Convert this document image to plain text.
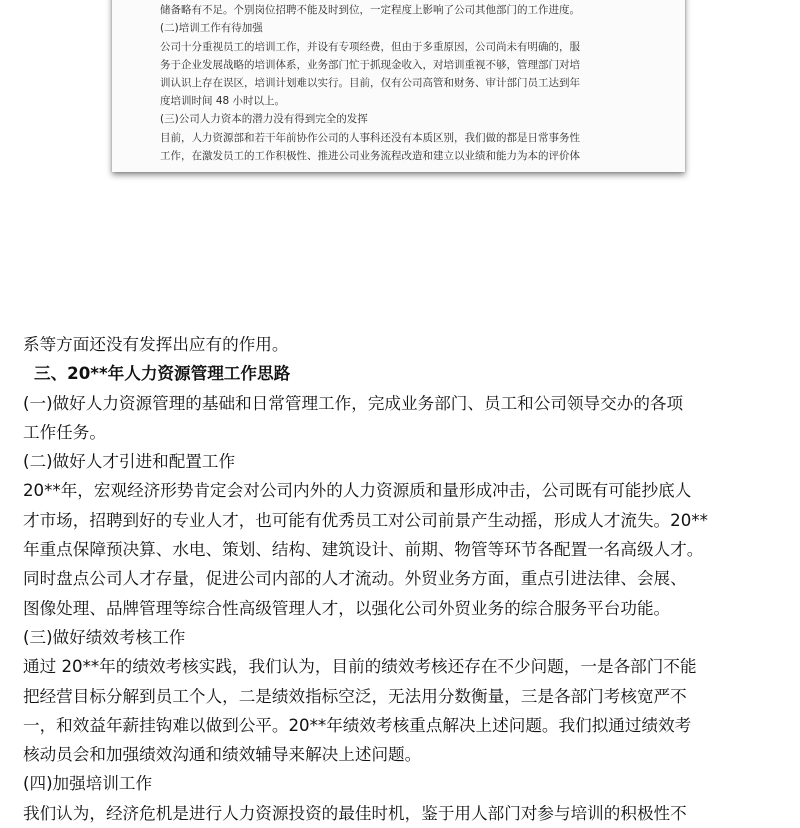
储备略有不足。个别岗位招聘不能及时到位，一定程度上影响了公司其他部门的工作进度。
(二)培训工作有待加强
公司十分重视员工的培训工作，并设有专项经费，但由于多重原因，公司尚未有明确的，服
务于企业发展战略的培训体系，业务部门忙于抓现金收入，对培训重视不够，管理部门对培
训认识上存在误区，培训计划难以实行。目前，仅有公司高管和财务、审计部门员工达到年
度培训时间 48 小时以上。
(三)公司人力资本的潜力没有得到完全的发挥
目前，人力资源部和若干年前协作公司的人事科还没有本质区别，我们做的都是日常事务性
工作，在激发员工的工作积极性、推进公司业务流程改造和建立以业绩和能力为本的评价体
系等方面还没有发挥出应有的作用。
三、20**年人力资源管理工作思路
(一)做好人力资源管理的基础和日常管理工作，完成业务部门、员工和公司领导交办的各项
工作任务。
(二)做好人才引进和配置工作
20**年，宏观经济形势肯定会对公司内外的人力资源质和量形成冲击，公司既有可能抄底人
才市场，招聘到好的专业人才，也可能有优秀员工对公司前景产生动摇，形成人才流失。20**
年重点保障预决算、水电、策划、结构、建筑设计、前期、物管等环节各配置一名高级人才。
同时盘点公司人才存量，促进公司内部的人才流动。外贸业务方面，重点引进法律、会展、
图像处理、品牌管理等综合性高级管理人才，以强化公司外贸业务的综合服务平台功能。
(三)做好绩效考核工作
通过 20**年的绩效考核实践，我们认为，目前的绩效考核还存在不少问题，一是各部门不能
把经营目标分解到员工个人，二是绩效指标空泛，无法用分数衡量，三是各部门考核宽严不
一，和效益年薪挂钩难以做到公平。20**年绩效考核重点解决上述问题。我们拟通过绩效考
核动员会和加强绩效沟通和绩效辅导来解决上述问题。
(四)加强培训工作
我们认为，经济危机是进行人力资源投资的最佳时机，鉴于用人部门对参与培训的积极性不
